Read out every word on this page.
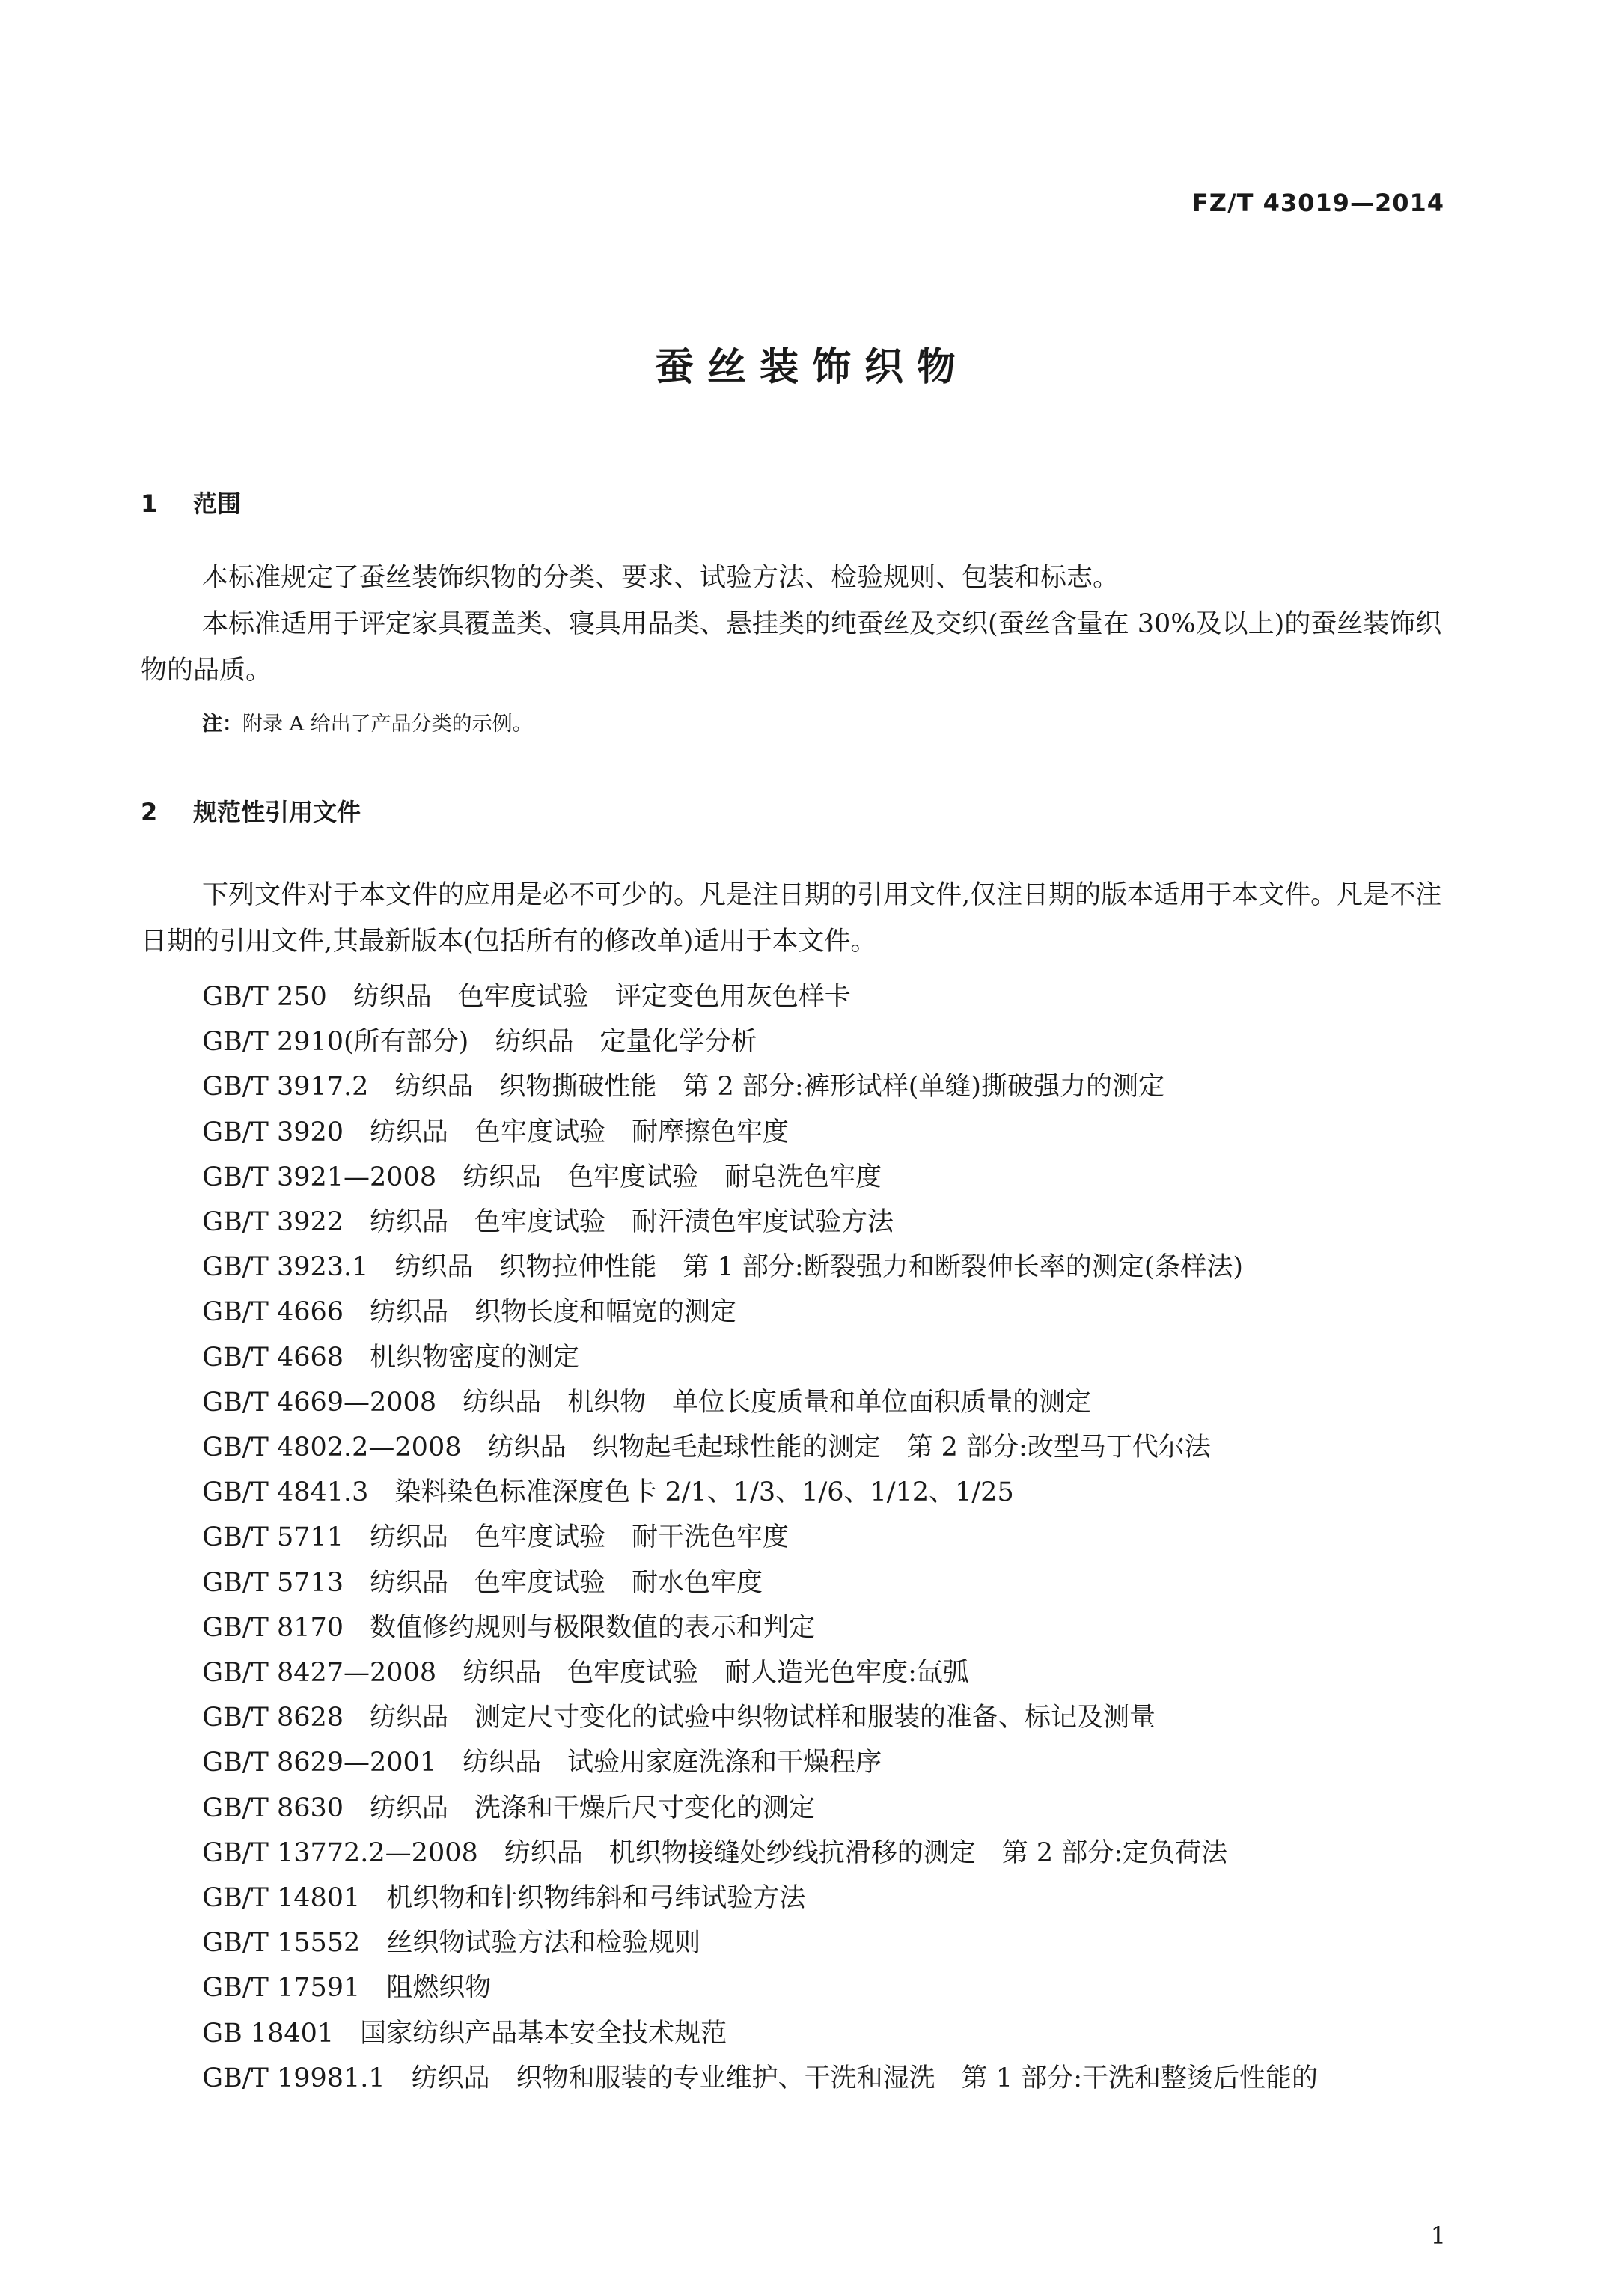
FZ/T 43019—2014
蚕丝装饰织物
1 范围

本标准规定了蚕丝装饰织物的分类、要求、试验方法、检验规则、包装和标志。

本标准适用于评定家具覆盖类、寝具用品类、悬挂类的纯蚕丝及交织(蚕丝含量在 30%及以上)的蚕丝装饰织物的品质。

注：附录 A 给出了产品分类的示例。
2 规范性引用文件

下列文件对于本文件的应用是必不可少的。凡是注日期的引用文件,仅注日期的版本适用于本文件。凡是不注日期的引用文件,其最新版本(包括所有的修改单)适用于本文件。

GB/T 250　纺织品　色牢度试验　评定变色用灰色样卡
GB/T 2910(所有部分)　纺织品　定量化学分析
GB/T 3917.2　纺织品　织物撕破性能　第 2 部分:裤形试样(单缝)撕破强力的测定
GB/T 3920　纺织品　色牢度试验　耐摩擦色牢度
GB/T 3921—2008　纺织品　色牢度试验　耐皂洗色牢度
GB/T 3922　纺织品　色牢度试验　耐汗渍色牢度试验方法
GB/T 3923.1　纺织品　织物拉伸性能　第 1 部分:断裂强力和断裂伸长率的测定(条样法)
GB/T 4666　纺织品　织物长度和幅宽的测定
GB/T 4668　机织物密度的测定
GB/T 4669—2008　纺织品　机织物　单位长度质量和单位面积质量的测定
GB/T 4802.2—2008　纺织品　织物起毛起球性能的测定　第 2 部分:改型马丁代尔法
GB/T 4841.3　染料染色标准深度色卡 2/1、1/3、1/6、1/12、1/25
GB/T 5711　纺织品　色牢度试验　耐干洗色牢度
GB/T 5713　纺织品　色牢度试验　耐水色牢度
GB/T 8170　数值修约规则与极限数值的表示和判定
GB/T 8427—2008　纺织品　色牢度试验　耐人造光色牢度:氙弧
GB/T 8628　纺织品　测定尺寸变化的试验中织物试样和服装的准备、标记及测量
GB/T 8629—2001　纺织品　试验用家庭洗涤和干燥程序
GB/T 8630　纺织品　洗涤和干燥后尺寸变化的测定
GB/T 13772.2—2008　纺织品　机织物接缝处纱线抗滑移的测定　第 2 部分:定负荷法
GB/T 14801　机织物和针织物纬斜和弓纬试验方法
GB/T 15552　丝织物试验方法和检验规则
GB/T 17591　阻燃织物
GB 18401　国家纺织产品基本安全技术规范
GB/T 19981.1　纺织品　织物和服装的专业维护、干洗和湿洗　第 1 部分:干洗和整烫后性能的
1
